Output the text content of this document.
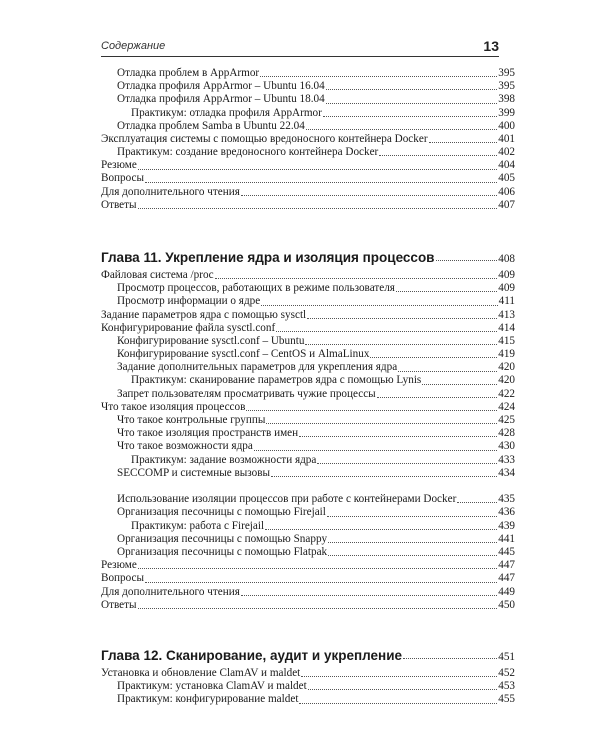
Содержание	13
Отладка проблем в AppArmor	395
Отладка профиля AppArmor – Ubuntu 16.04	395
Отладка профиля AppArmor – Ubuntu 18.04	398
Практикум: отладка профиля AppArmor	399
Отладка проблем Samba в Ubuntu 22.04	400
Эксплуатация системы с помощью вредоносного контейнера Docker	401
Практикум: создание вредоносного контейнера Docker	402
Резюме	404
Вопросы	405
Для дополнительного чтения	406
Ответы	407
Глава 11. Укрепление ядра и изоляция процессов	408
Файловая система /proc	409
Просмотр процессов, работающих в режиме пользователя	409
Просмотр информации о ядре	411
Задание параметров ядра с помощью sysctl	413
Конфигурирование файла sysctl.conf	414
Конфигурирование sysctl.conf – Ubuntu	415
Конфигурирование sysctl.conf – CentOS и AlmaLinux	419
Задание дополнительных параметров для укрепления ядра	420
Практикум: сканирование параметров ядра с помощью Lynis	420
Запрет пользователям просматривать чужие процессы	422
Что такое изоляция процессов	424
Что такое контрольные группы	425
Что такое изоляция пространств имен	428
Что такое возможности ядра	430
Практикум: задание возможности ядра	433
SECCOMP и системные вызовы	434
Использование изоляции процессов при работе с контейнерами Docker	435
Организация песочницы с помощью Firejail	436
Практикум: работа с Firejail	439
Организация песочницы с помощью Snappy	441
Организация песочницы с помощью Flatpak	445
Резюме	447
Вопросы	447
Для дополнительного чтения	449
Ответы	450
Глава 12. Сканирование, аудит и укрепление	451
Установка и обновление ClamAV и maldet	452
Практикум: установка ClamAV и maldet	453
Практикум: конфигурирование maldet	455
